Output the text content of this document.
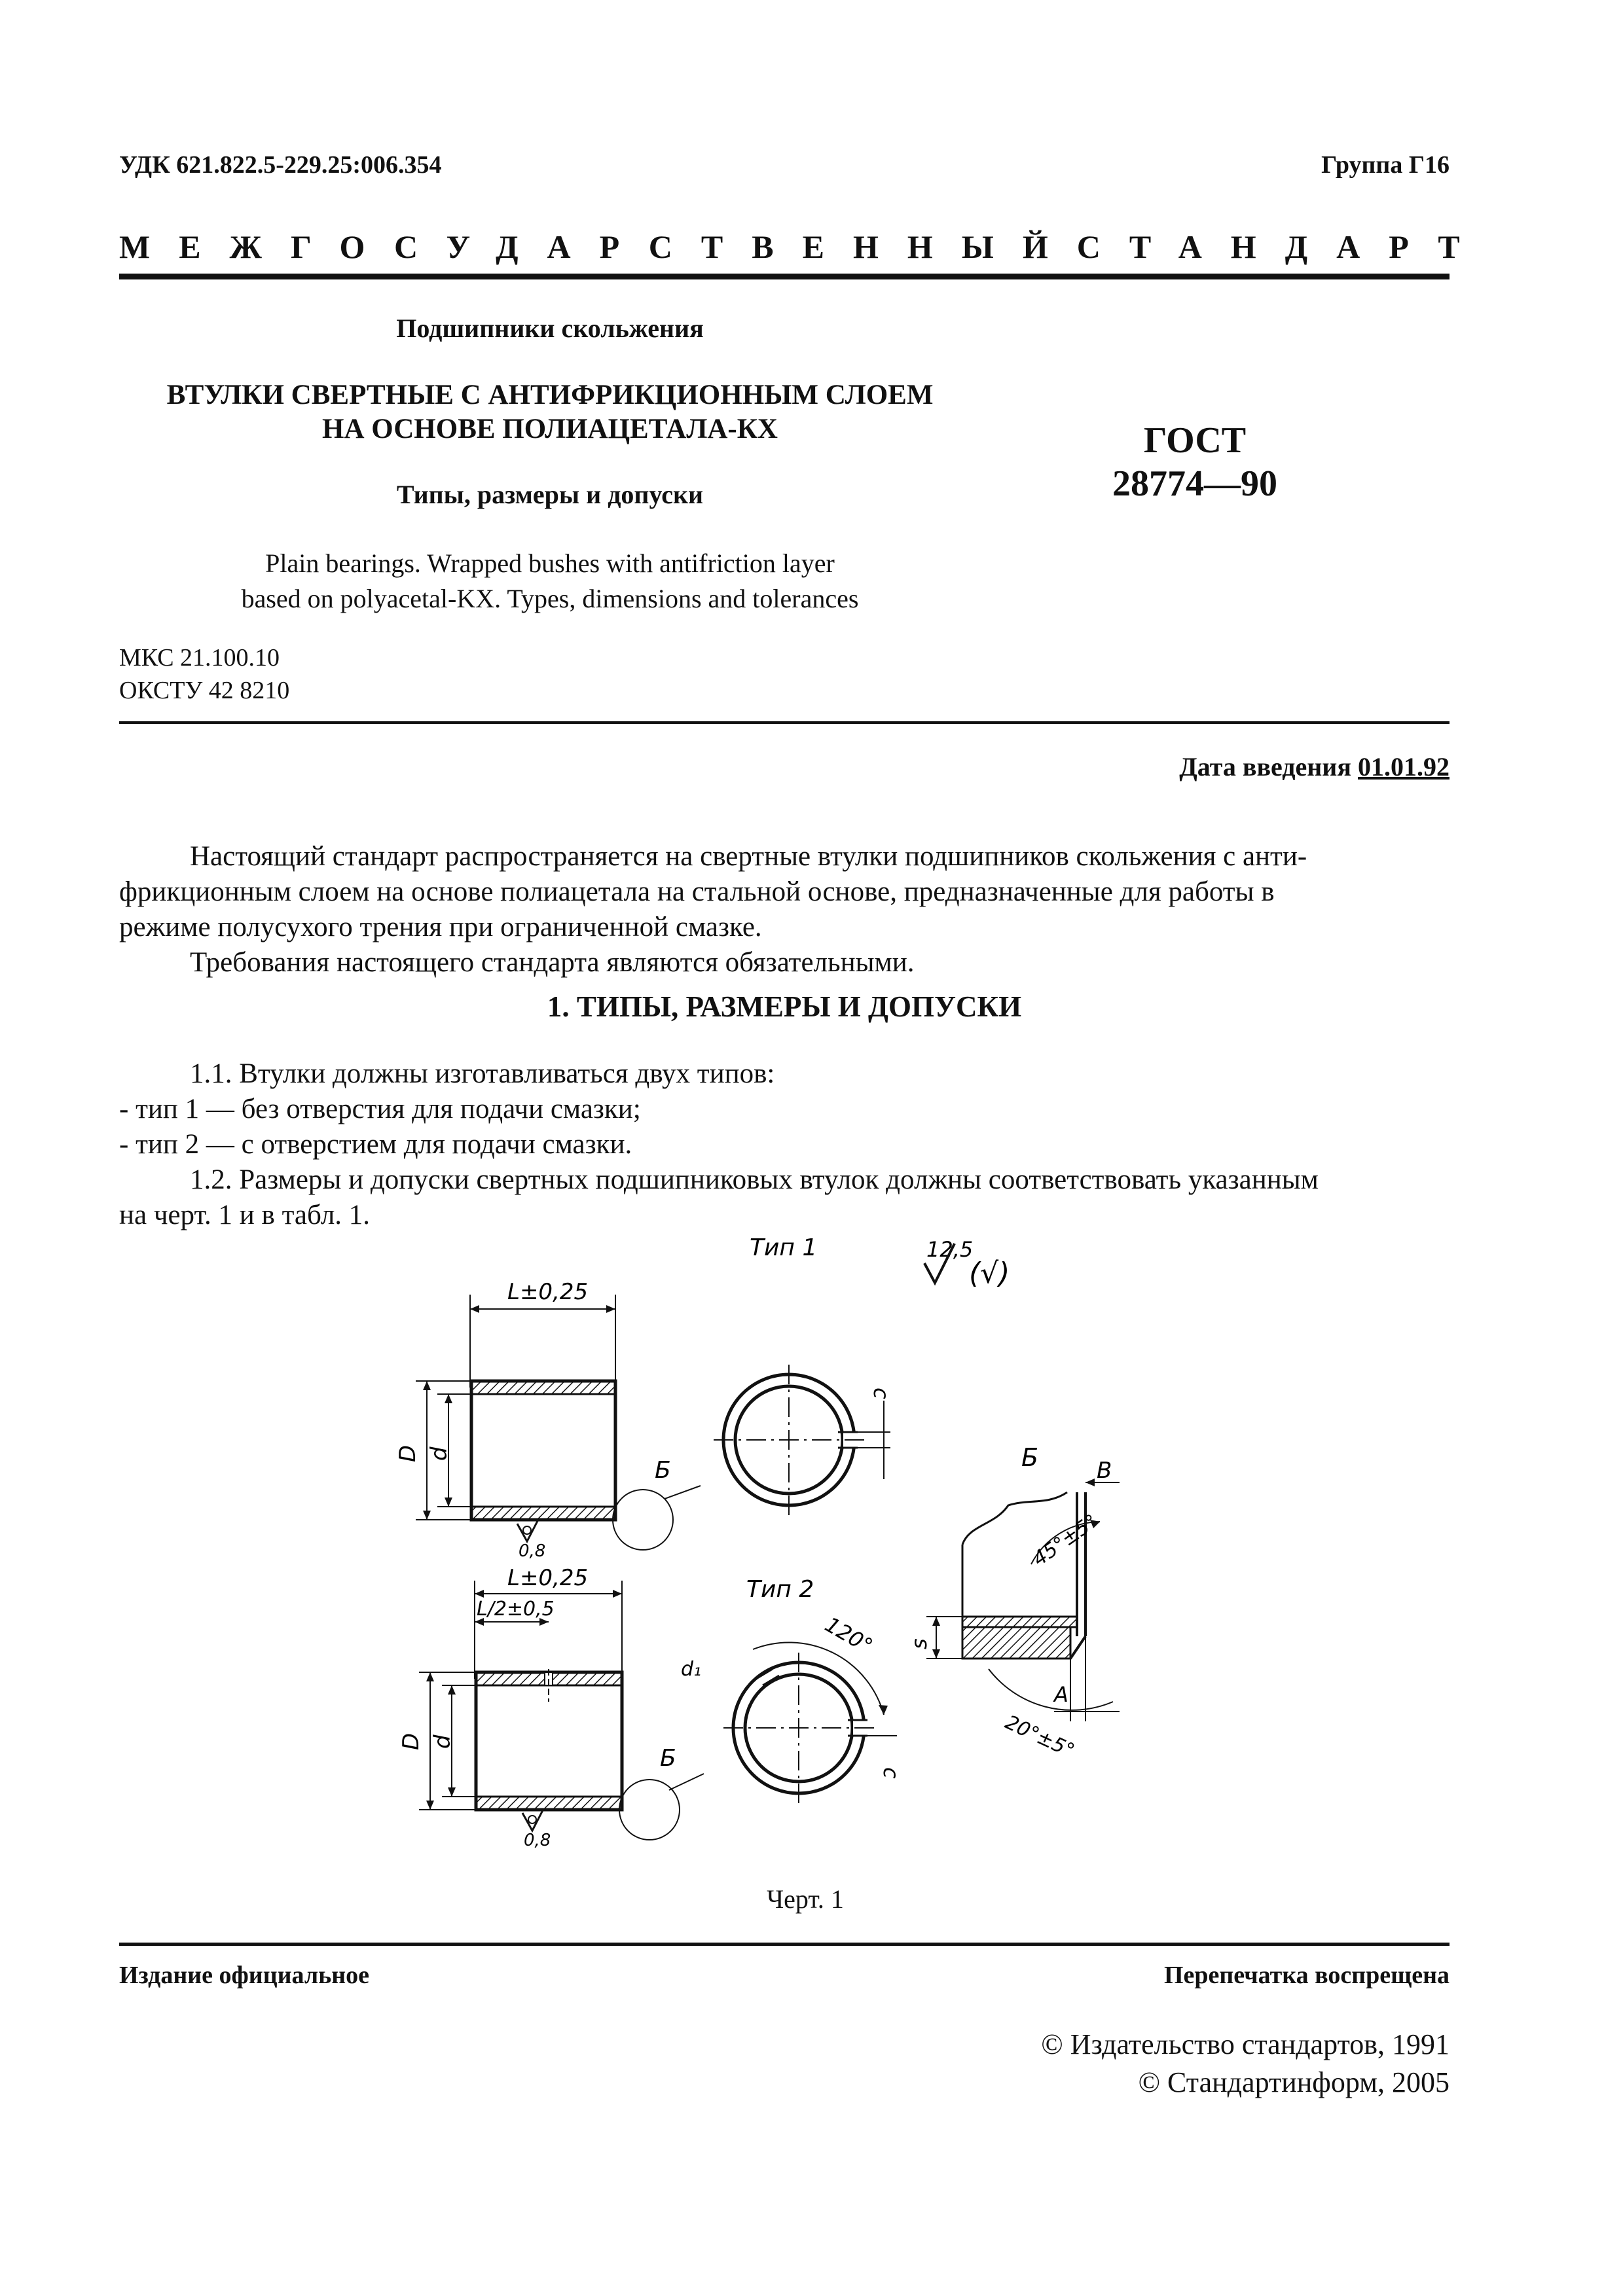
УДК 621.822.5-229.25:006.354	Группа Г16
МЕЖГОСУДАРСТВЕННЫЙ СТАНДАРТ
Подшипники скольжения
ВТУЛКИ СВЕРТНЫЕ С АНТИФРИКЦИОННЫМ СЛОЕМ
НА ОСНОВЕ ПОЛИАЦЕТАЛА-КХ
Типы, размеры и допуски
Plain bearings. Wrapped bushes with antifriction layer
based on polyacetal-KX. Types, dimensions and tolerances
ГОСТ
28774—90
МКС 21.100.10
ОКСТУ 42 8210
Дата введения 01.01.92
Настоящий стандарт распространяется на свертные втулки подшипников скольжения с анти-
фрикционным слоем на основе полиацетала на стальной основе, предназначенные для работы в
режиме полусухого трения при ограниченной смазке.
Требования настоящего стандарта являются обязательными.
1. ТИПЫ, РАЗМЕРЫ И ДОПУСКИ
1.1. Втулки должны изготавливаться двух типов:
- тип 1 — без отверстия для подачи смазки;
- тип 2 — с отверстием для подачи смазки.
1.2. Размеры и допуски свертных подшипниковых втулок должны соответствовать указанным
на черт. 1 и в табл. 1.
Тип 1
Тип 2
12,5
(√)
L±0,25
D d
Б
0,8
c
L±0,25
L/2±0,5
D d
Б
0,8
d₁
120°
c
Б	В
45°±5°
s
A
20°±5°
Черт. 1
Издание официальное	Перепечатка воспрещена
© Издательство стандартов, 1991
© Стандартинформ, 2005
